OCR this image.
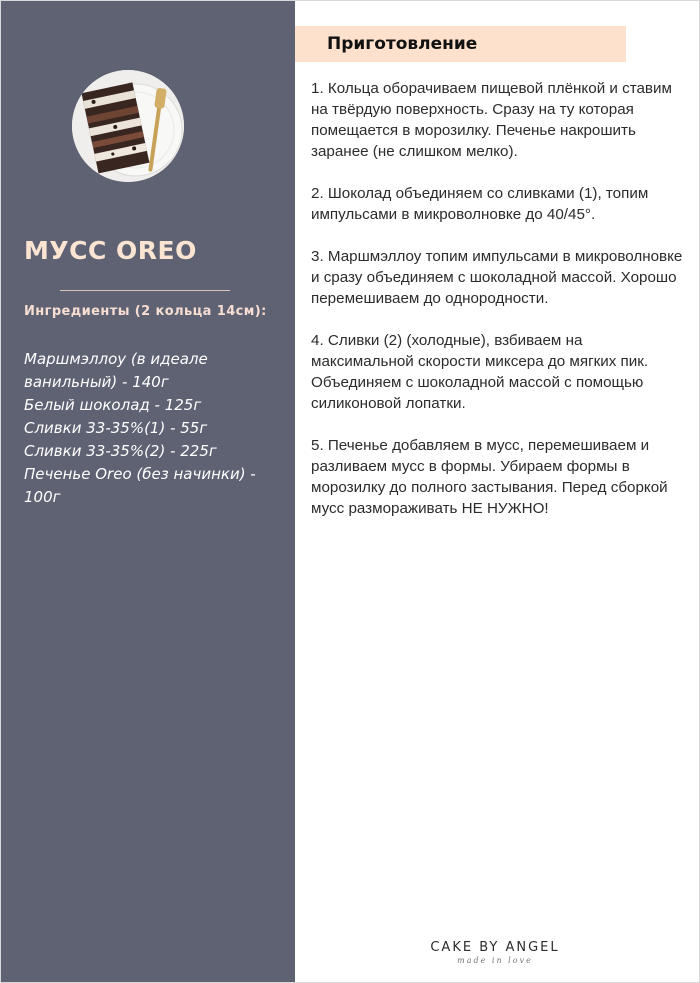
МУСС OREO
Ингредиенты (2 кольца 14см):
Маршмэллоу (в идеале ванильный) - 140г
Белый шоколад - 125г
Сливки 33-35%(1) - 55г
Сливки 33-35%(2) - 225г
Печенье Oreo (без начинки) - 100г
Приготовление

1. Кольца оборачиваем пищевой плёнкой и ставим на твёрдую поверхность. Сразу на ту которая помещается в морозилку. Печенье накрошить заранее (не слишком мелко).

2. Шоколад объединяем со сливками (1), топим импульсами в микроволновке до 40/45°.

3. Маршмэллоу топим импульсами в микроволновке и сразу объединяем с шоколадной массой. Хорошо перемешиваем до однородности.

4. Сливки (2) (холодные), взбиваем на максимальной скорости миксера до мягких пик. Объединяем с шоколадной массой с помощью силиконовой лопатки.

5. Печенье добавляем в мусс, перемешиваем и разливаем мусс в формы. Убираем формы в морозилку до полного застывания. Перед сборкой мусс размораживать НЕ НУЖНО!

CAKE BY ANGEL
made in love
